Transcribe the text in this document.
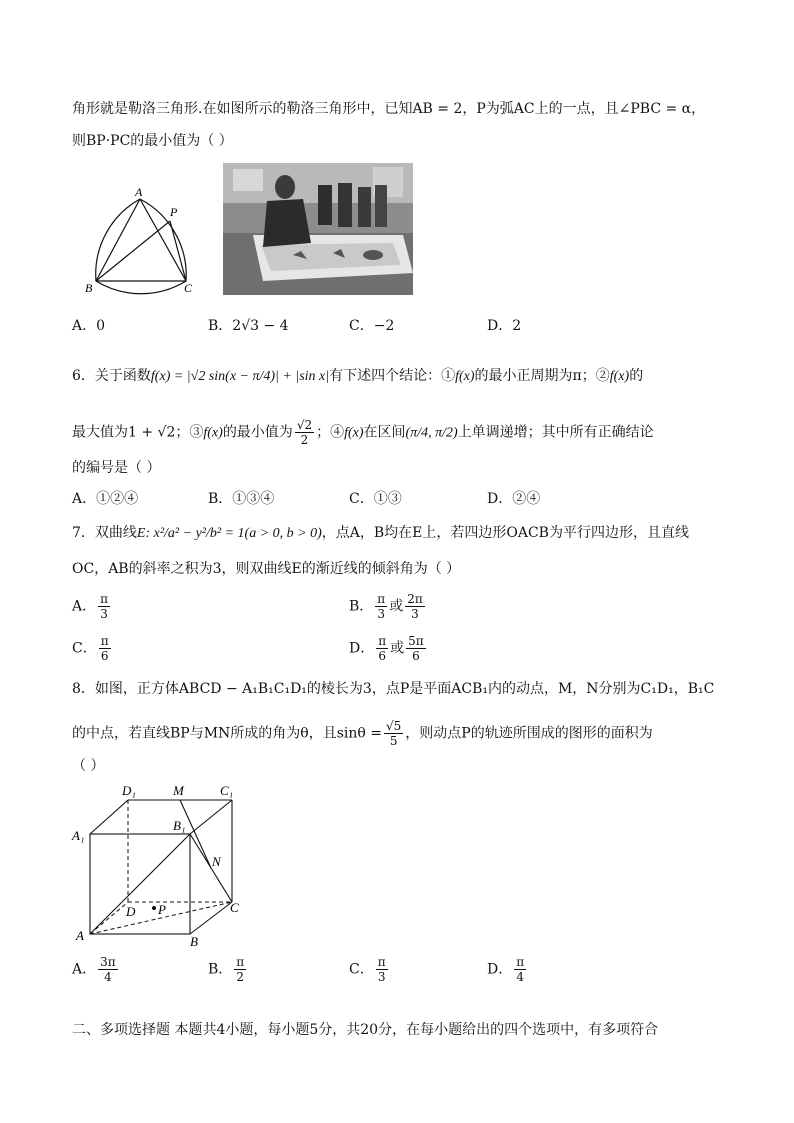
角形就是勒洛三角形.在如图所示的勒洛三角形中，已知AB = 2，P为弧AC上的一点，且∠PBC = α，
则BP·PC的最小值为（ ）
A
P
B	C
A．0	B．2√3 − 4	C．−2	D．2
6．关于函数f(x) = |√2 sin(x − π/4)| + |sin x|有下述四个结论：①f(x)的最小正周期为π；②f(x)的
最大值为1 + √2；③f(x)的最小值为 $\frac{√2}{2}$ ；④f(x)在区间(π/4, π/2)上单调递增；其中所有正确结论
的编号是（ ）
A．①②④	B．①③④	C．①③	D．②④
7．双曲线E: x²/a² − y²/b² = 1(a > 0, b > 0)，点A，B均在E上，若四边形OACB为平行四边形，且直线
OC，AB的斜率之积为3，则双曲线E的渐近线的倾斜角为（ ）
A． $\frac{\pi}{3}$	B． $\frac{\pi}{3}$ 或 $\frac{2\pi}{3}$
C． $\frac{\pi}{6}$	D． $\frac{\pi}{6}$ 或 $\frac{5\pi}{6}$
8．如图，正方体ABCD − A₁B₁C₁D₁的棱长为3，点P是平面ACB₁内的动点，M，N分别为C₁D₁，B₁C
的中点，若直线BP与MN所成的角为θ，且$\sin\theta = \frac{√5}{5}$ ，则动点P的轨迹所围成的图形的面积为
（ ）
D₁	M	C₁
A₁
B₁
N
D P	C
A	B
A． $\frac{3\pi}{4}$	B． $\frac{\pi}{2}$	C． $\frac{\pi}{3}$	D． $\frac{\pi}{4}$
二、多项选择题 本题共4小题，每小题5分，共20分，在每小题给出的四个选项中，有多项符合
